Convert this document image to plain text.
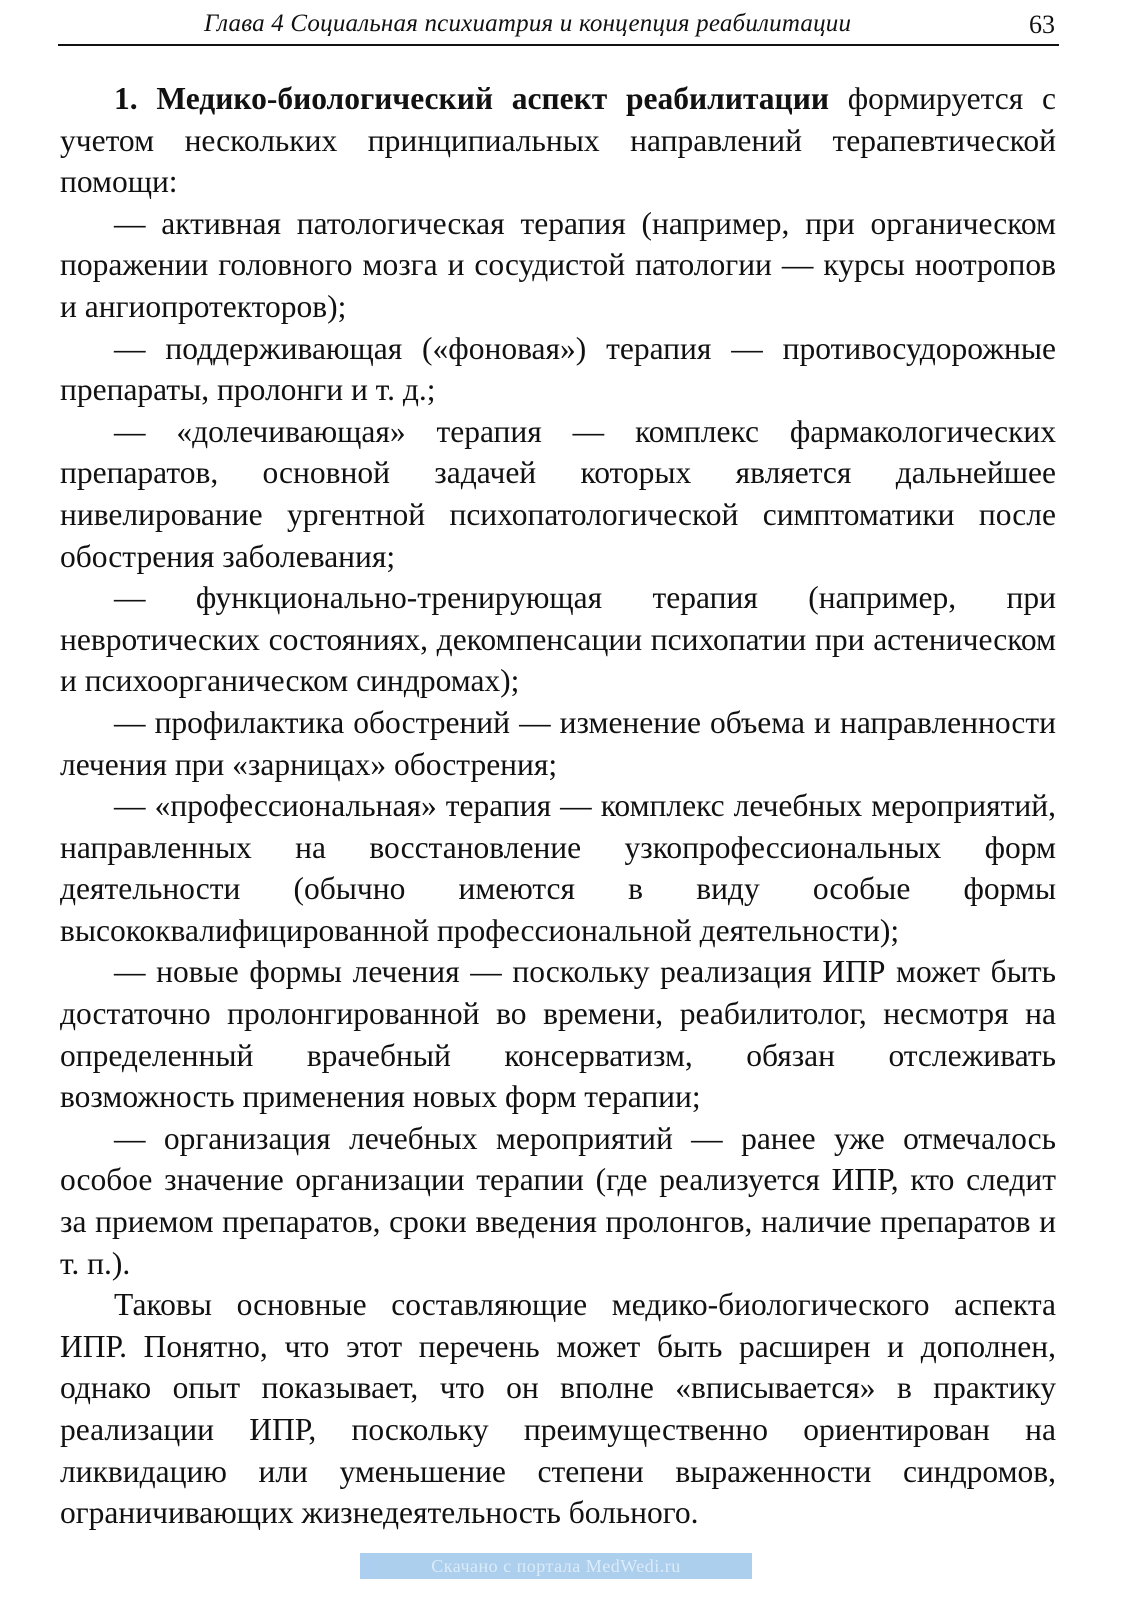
Глава 4 Социальная психиатрия и концепция реабилитации	63

1. Медико-биологический аспект реабилитации формируется с учетом нескольких принципиальных направлений терапевтической помощи:

— активная патологическая терапия (например, при органическом поражении головного мозга и сосудистой патологии — курсы ноотропов и ангиопротекторов);

— поддерживающая («фоновая») терапия — противосудорожные препараты, пролонги и т. д.;

— «долечивающая» терапия — комплекс фармакологических препаратов, основной задачей которых является дальнейшее нивелирование ургентной психопатологической симптоматики после обострения заболевания;

— функционально-тренирующая терапия (например, при невротических состояниях, декомпенсации психопатии при астеническом и психоорганическом синдромах);

— профилактика обострений — изменение объема и направленности лечения при «зарницах» обострения;

— «профессиональная» терапия — комплекс лечебных мероприятий, направленных на восстановление узкопрофессиональных форм деятельности (обычно имеются в виду особые формы высококвалифицированной профессиональной деятельности);

— новые формы лечения — поскольку реализация ИПР может быть достаточно пролонгированной во времени, реабилитолог, несмотря на определенный врачебный консерватизм, обязан отслеживать возможность применения новых форм терапии;

— организация лечебных мероприятий — ранее уже отмечалось особое значение организации терапии (где реализуется ИПР, кто следит за приемом препаратов, сроки введения пролонгов, наличие препаратов и т. п.).

Таковы основные составляющие медико-биологического аспекта ИПР. Понятно, что этот перечень может быть расширен и дополнен, однако опыт показывает, что он вполне «вписывается» в практику реализации ИПР, поскольку преимущественно ориентирован на ликвидацию или уменьшение степени выраженности синдромов, ограничивающих жизнедеятельность больного.

Скачано с портала MedWedi.ru
